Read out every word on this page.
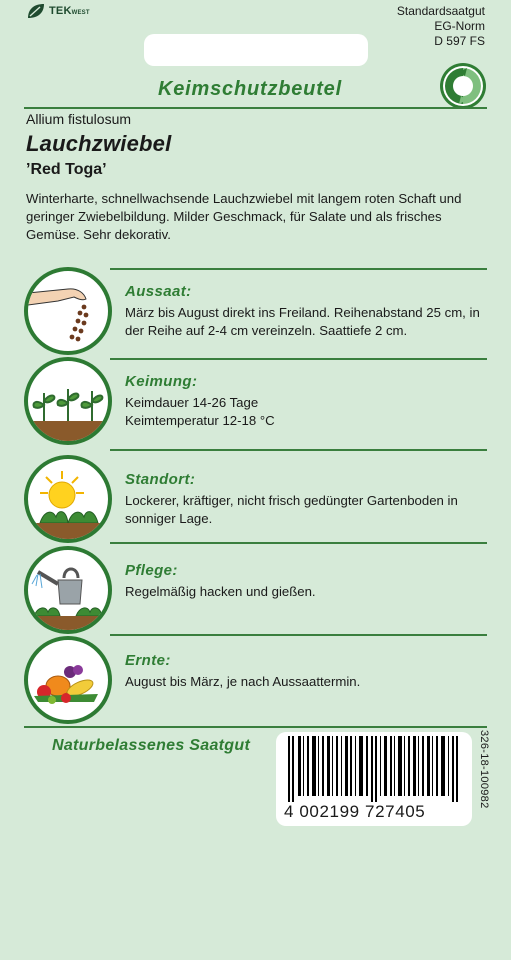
TEKWEST	Standardsaatgut
EG-Norm
D 597 FS
Keimschutzbeutel
Allium fistulosum
Lauchzwiebel
’Red Toga’
Winterharte, schnellwachsende Lauchzwiebel mit langem roten Schaft und geringer Zwiebelbildung. Milder Geschmack, für Salate und als frisches Gemüse. Sehr dekorativ.
Aussaat:
März bis August direkt ins Freiland. Reihenabstand 25 cm, in der Reihe auf 2-4 cm vereinzeln. Saattiefe 2 cm.
Keimung:
Keimdauer 14-26 Tage
Keimtemperatur 12-18 °C
Standort:
Lockerer, kräftiger, nicht frisch gedüngter Gartenboden in sonniger Lage.
Pflege:
Regelmäßig hacken und gießen.
Ernte:
August bis März, je nach Aussaattermin.
Naturbelassenes Saatgut
4 002199 727405
326-18-100982
